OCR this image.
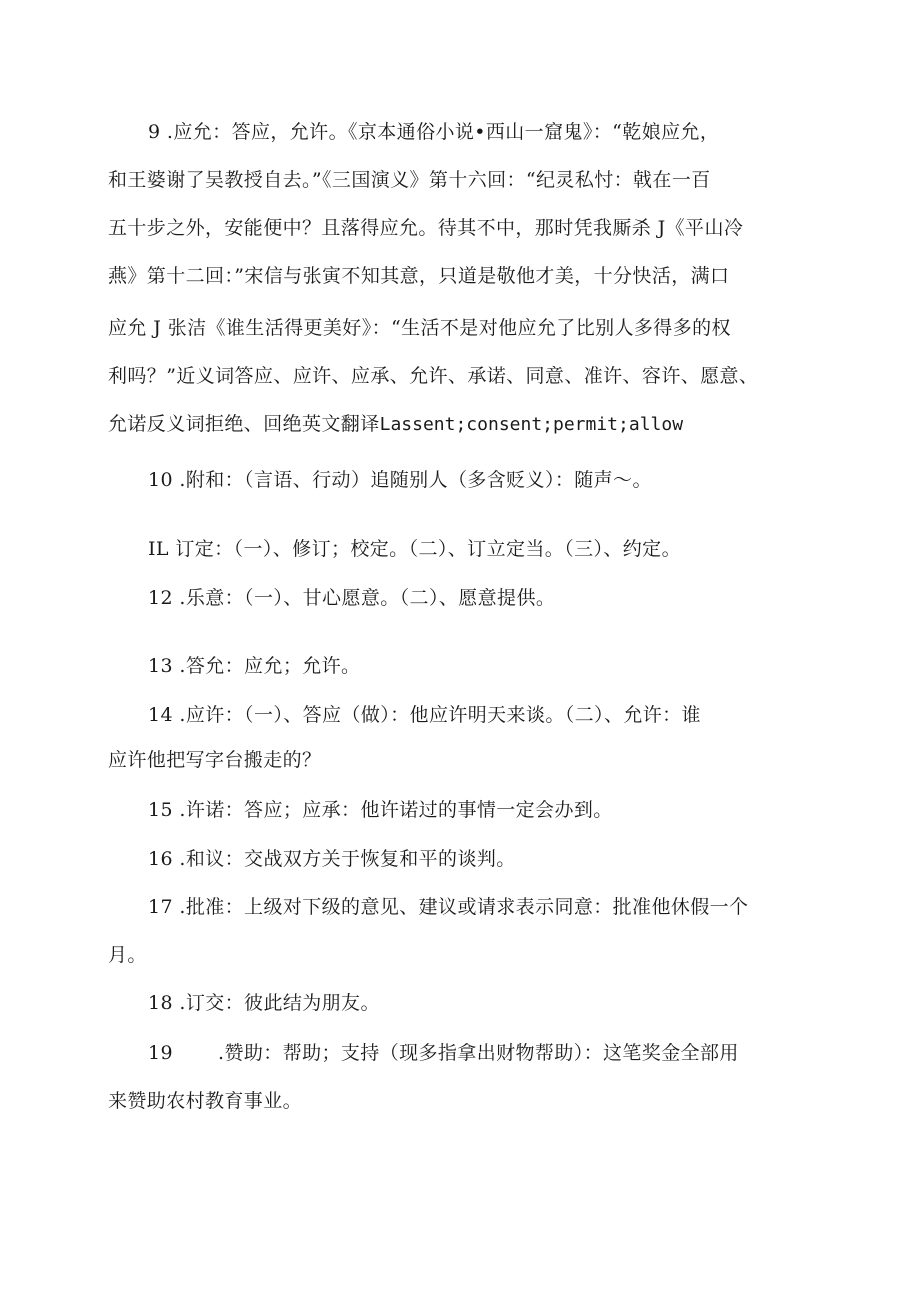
9 .应允：答应，允许。《京本通俗小说•西山一窟鬼》：“乾娘应允，
和王婆谢了吴教授自去。”《三国演义》第十六回：“纪灵私忖：戟在一百
五十步之外，安能便中？且落得应允。待其不中，那时凭我厮杀 J《平山冷
燕》第十二回：”宋信与张寅不知其意，只道是敬他才美，十分快活，满口
应允 J 张洁《谁生活得更美好》：“生活不是对他应允了比别人多得多的权
利吗？”近义词答应、应许、应承、允许、承诺、同意、准许、容许、愿意、
允诺反义词拒绝、回绝英文翻译Lassent;consent;permit;allow
10 .附和：（言语、行动）追随别人（多含贬义）：随声～。
IL 订定：（一）、修订；校定。（二）、订立定当。（三）、约定。
12 .乐意：（一）、甘心愿意。（二）、愿意提供。
13 .答允：应允；允许。
14 .应许：（一）、答应（做）：他应许明天来谈。（二）、允许：谁
应许他把写字台搬走的？
15 .许诺：答应；应承：他许诺过的事情一定会办到。
16 .和议：交战双方关于恢复和平的谈判。
17 .批准：上级对下级的意见、建议或请求表示同意：批准他休假一个
月。
18 .订交：彼此结为朋友。
19       .赞助：帮助；支持（现多指拿出财物帮助）：这笔奖金全部用
来赞助农村教育事业。
